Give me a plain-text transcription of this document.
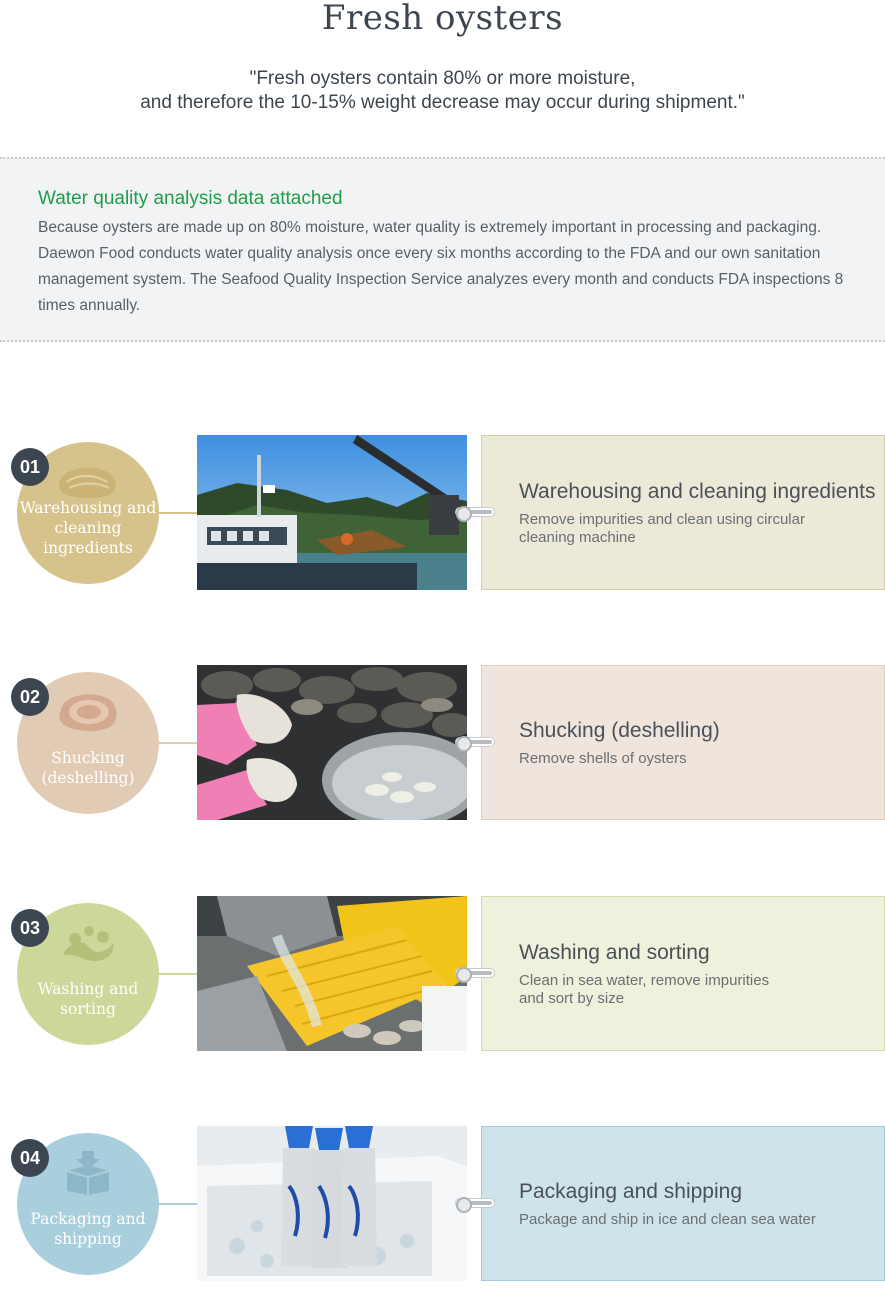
Fresh oysters
"Fresh oysters contain 80% or more moisture,
and therefore the 10-15% weight decrease may occur during shipment."
Water quality analysis data attached
Because oysters are made up on 80% moisture, water quality is extremely important in processing and packaging. Daewon Food conducts water quality analysis once every six months according to the FDA and our own sanitation management system. The Seafood Quality Inspection Service analyzes every month and conducts FDA inspections 8 times annually.
Warehousing and cleaning ingredients
01
Warehousing and cleaning ingredients
Remove impurities and clean using circular
cleaning machine
Shucking (deshelling)
02
Shucking (deshelling)
Remove shells of oysters
Washing and sorting
03
Washing and sorting
Clean in sea water, remove impurities
and sort by size
Packaging and shipping
04
Packaging and shipping
Package and ship in ice and clean sea water
